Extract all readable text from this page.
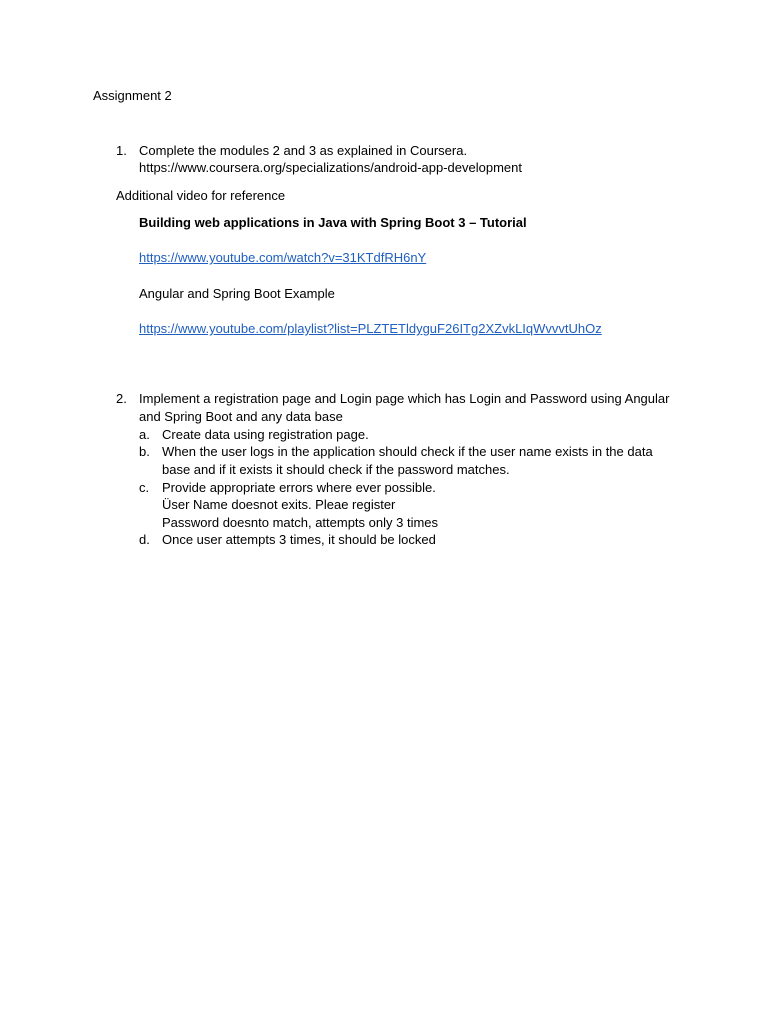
Assignment 2
1. Complete the modules 2 and 3 as explained in Coursera.
https://www.coursera.org/specializations/android-app-development
Additional video for reference
Building web applications in Java with Spring Boot 3 – Tutorial
https://www.youtube.com/watch?v=31KTdfRH6nY
Angular and Spring Boot Example
https://www.youtube.com/playlist?list=PLZTETldyguF26ITg2XZvkLIqWvvvtUhOz
2. Implement a registration page and Login page which has Login and Password using Angular
and Spring Boot and any data base
a. Create data using registration page.
b. When the user logs in the application should check if the user name exists in the data
base and if it exists it should check if the password matches.
c. Provide appropriate errors where ever possible.
Üser Name doesnot exits. Pleae register
Password doesnto match, attempts only 3 times
d. Once user attempts 3 times, it should be locked
